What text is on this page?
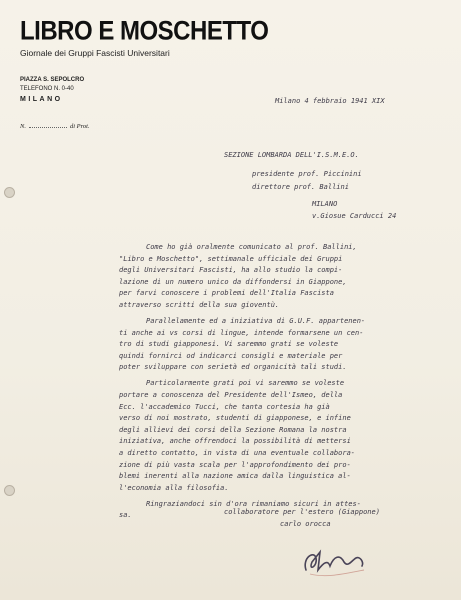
LIBRO E MOSCHETTO
Giornale dei Gruppi Fascisti Universitari
PIAZZA S. SEPOLCRO
TELEFONO N. 0-40
MILANO
N.	di Prot.
Milano 4 febbraio 1941 XIX
SEZIONE LOMBARDA DELL'I.S.M.E.O.
presidente prof. Piccinini
direttore prof. Ballini
MILANO
v.Giosue Carducci 24
Come ho già oralmente comunicato al prof. Ballini,
"Libro e Moschetto", settimanale ufficiale dei Gruppi
degli Universitari Fascisti, ha allo studio la compi-
lazione di un numero unico da diffondersi in Giappone,
per farvi conoscere i problemi dell'Italia Fascista
attraverso scritti della sua gioventù.
Parallelamente ed a iniziativa di G.U.F. appartenen-
ti anche ai vs corsi di lingue, intende formarsene un cen-
tro di studi giapponesi. Vi saremmo grati se voleste
quindi fornirci od indicarci consigli e materiale per
poter sviluppare con serietà ed organicità tali studi.
Particolarmente grati poi vi saremmo se voleste
portare a conoscenza del Presidente dell'Ismeo, della
Ecc. l'accademico Tucci, che tanta cortesia ha già
verso di noi mostrato, studenti di giapponese, e infine
degli allievi dei corsi della Sezione Romana la nostra
iniziativa, anche offrendoci la possibilità di mettersi
a diretto contatto, in vista di una eventuale collabora-
zione di più vasta scala per l'approfondimento dei pro-
blemi inerenti alla nazione amica dalla linguistica al-
l'economia alla filosofia.
Ringraziandoci sin d'ora rimaniamo sicuri in attes-
sa.	collaboratore per l'estero (Giappone)
carlo orocca
